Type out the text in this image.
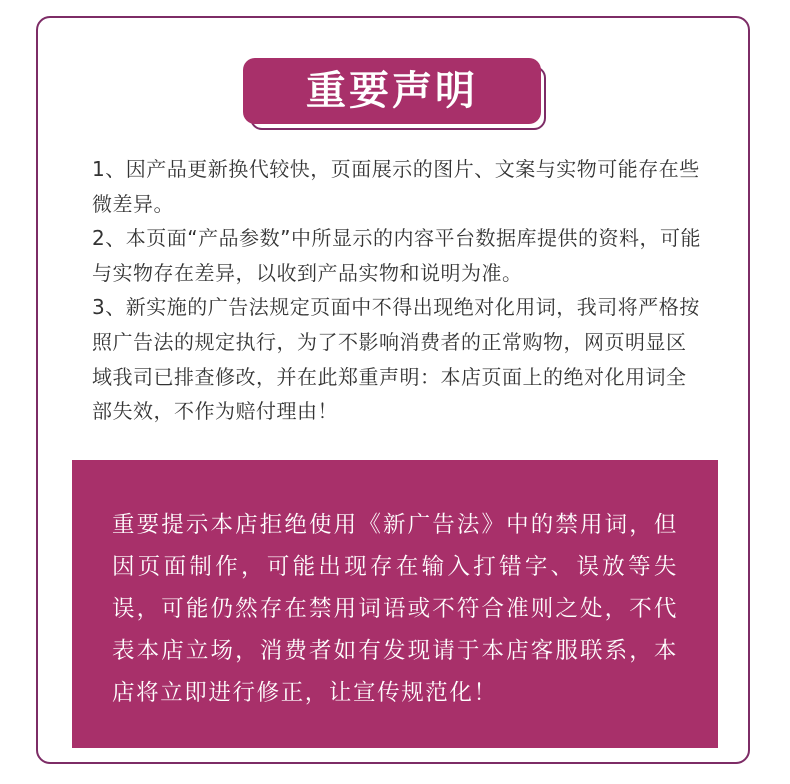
重要声明

1、因产品更新换代较快，页面展示的图片、文案与实物可能存在些微差异。

2、本页面“产品参数”中所显示的内容平台数据库提供的资料，可能与实物存在差异，以收到产品实物和说明为准。

3、新实施的广告法规定页面中不得出现绝对化用词，我司将严格按照广告法的规定执行，为了不影响消费者的正常购物，网页明显区域我司已排查修改，并在此郑重声明：本店页面上的绝对化用词全部失效，不作为赔付理由！

重要提示本店拒绝使用《新广告法》中的禁用词，但因页面制作，可能出现存在输入打错字、误放等失误，可能仍然存在禁用词语或不符合准则之处，不代表本店立场，消费者如有发现请于本店客服联系，本店将立即进行修正，让宣传规范化！
